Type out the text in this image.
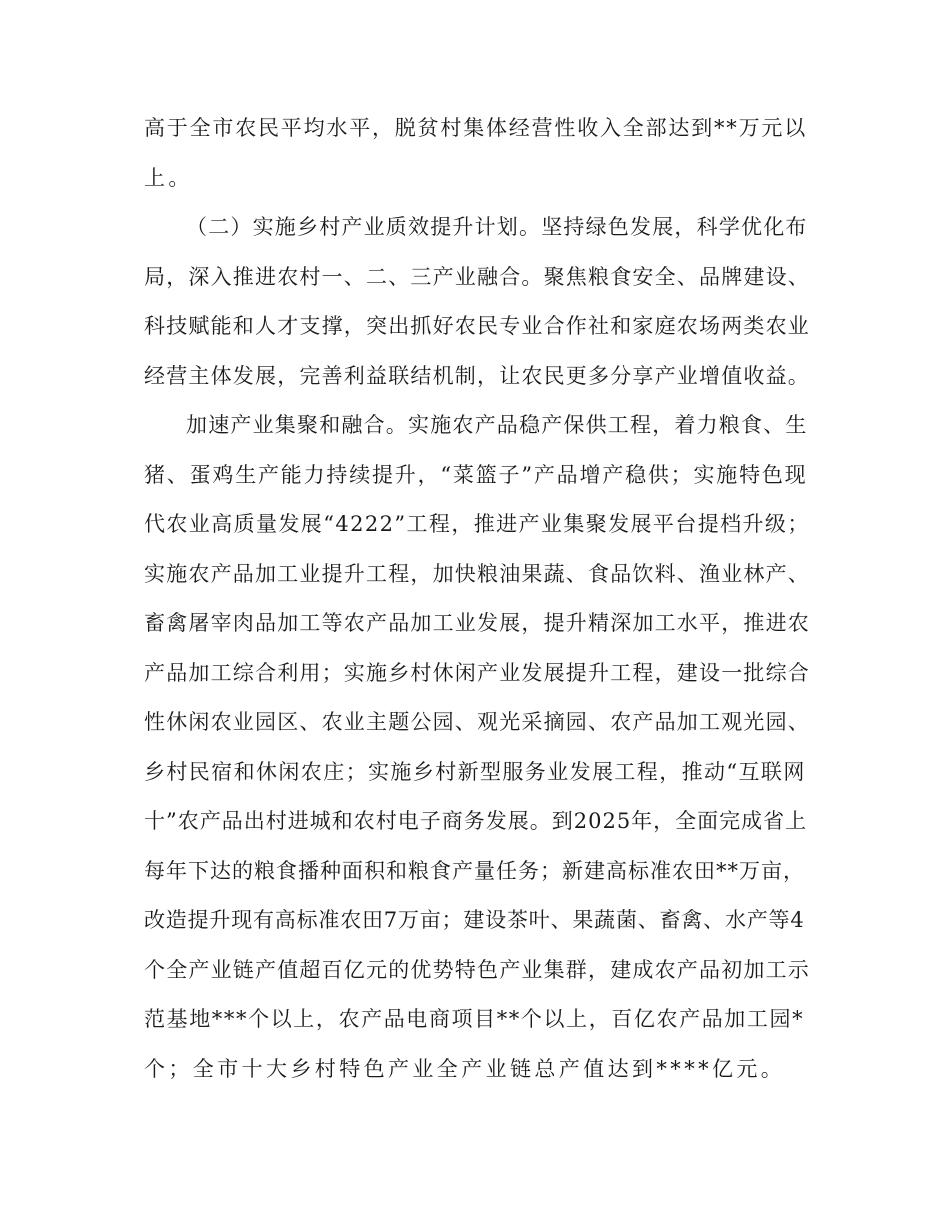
高于全市农民平均水平，脱贫村集体经营性收入全部达到**万元以
上。
（二）实施乡村产业质效提升计划。坚持绿色发展，科学优化布
局，深入推进农村一、二、三产业融合。聚焦粮食安全、品牌建设、
科技赋能和人才支撑，突出抓好农民专业合作社和家庭农场两类农业
经营主体发展，完善利益联结机制，让农民更多分享产业增值收益。
加速产业集聚和融合。实施农产品稳产保供工程，着力粮食、生
猪、蛋鸡生产能力持续提升，“菜篮子”产品增产稳供；实施特色现
代农业高质量发展“4222”工程，推进产业集聚发展平台提档升级；
实施农产品加工业提升工程，加快粮油果蔬、食品饮料、渔业林产、
畜禽屠宰肉品加工等农产品加工业发展，提升精深加工水平，推进农
产品加工综合利用；实施乡村休闲产业发展提升工程，建设一批综合
性休闲农业园区、农业主题公园、观光采摘园、农产品加工观光园、
乡村民宿和休闲农庄；实施乡村新型服务业发展工程，推动“互联网
十”农产品出村进城和农村电子商务发展。到2025年，全面完成省上
每年下达的粮食播种面积和粮食产量任务；新建高标准农田**万亩，
改造提升现有高标准农田7万亩；建设茶叶、果蔬菌、畜禽、水产等4
个全产业链产值超百亿元的优势特色产业集群，建成农产品初加工示
范基地***个以上，农产品电商项目**个以上，百亿农产品加工园*
个；全市十大乡村特色产业全产业链总产值达到****亿元。
